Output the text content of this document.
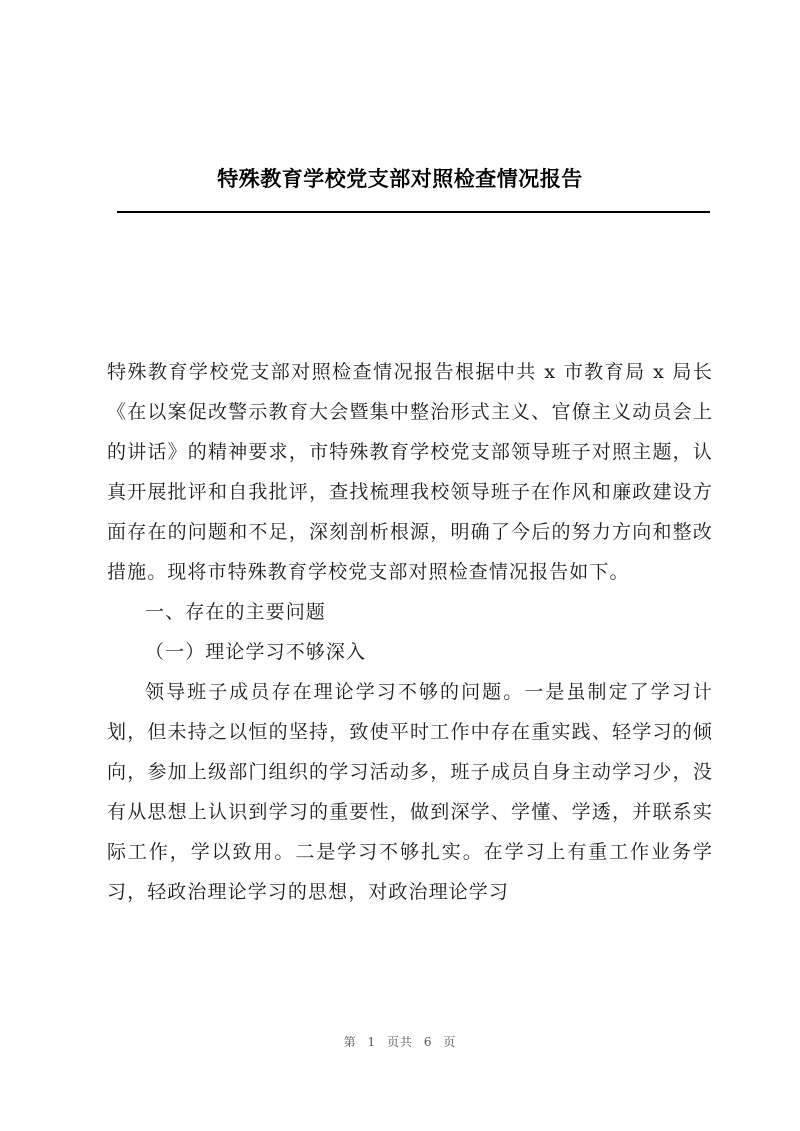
特殊教育学校党支部对照检查情况报告

特殊教育学校党支部对照检查情况报告根据中共 x 市教育局 x 局长《在以案促改警示教育大会暨集中整治形式主义、官僚主义动员会上的讲话》的精神要求，市特殊教育学校党支部领导班子对照主题，认真开展批评和自我批评，查找梳理我校领导班子在作风和廉政建设方面存在的问题和不足，深刻剖析根源，明确了今后的努力方向和整改措施。现将市特殊教育学校党支部对照检查情况报告如下。

一、存在的主要问题

（一）理论学习不够深入

领导班子成员存在理论学习不够的问题。一是虽制定了学习计划，但未持之以恒的坚持，致使平时工作中存在重实践、轻学习的倾向，参加上级部门组织的学习活动多，班子成员自身主动学习少，没有从思想上认识到学习的重要性，做到深学、学懂、学透，并联系实际工作，学以致用。二是学习不够扎实。在学习上有重工作业务学习，轻政治理论学习的思想，对政治理论学习

第 1 页共 6 页
